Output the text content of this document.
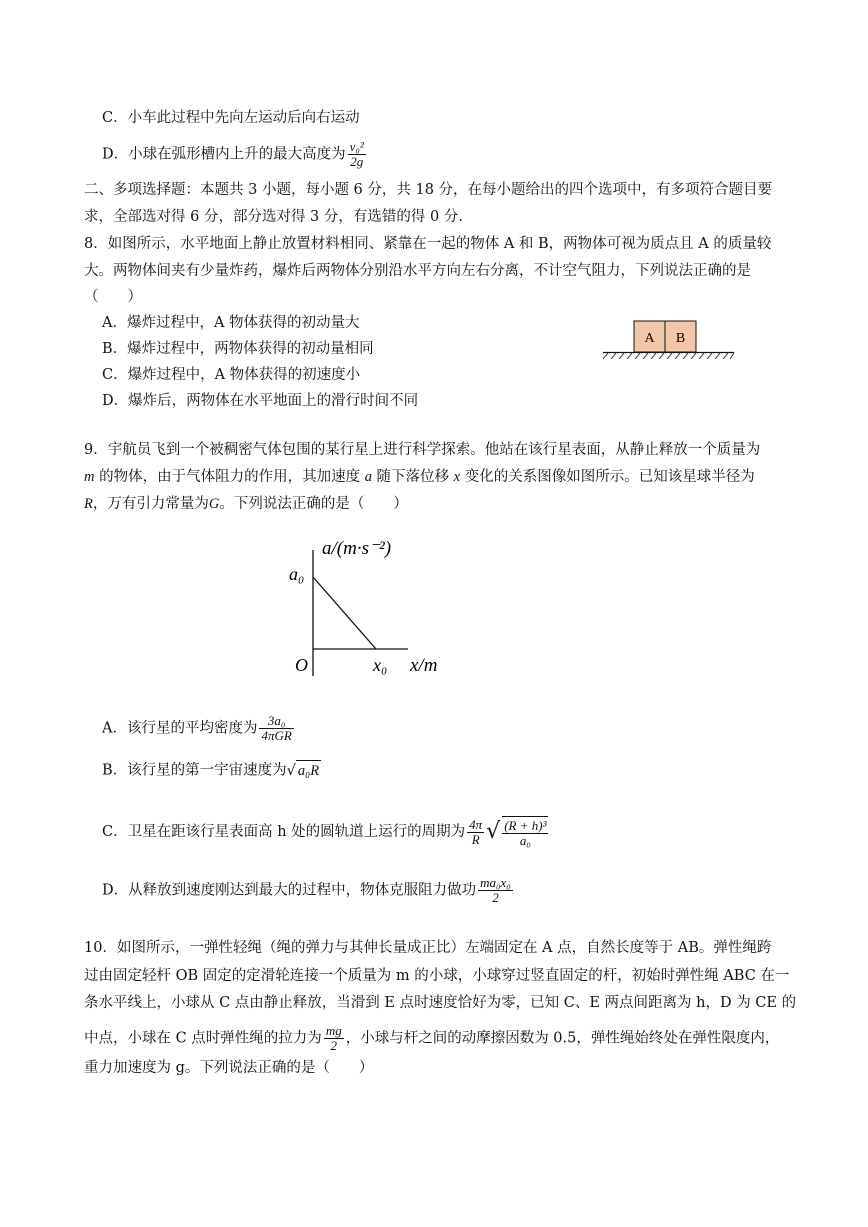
C．小车此过程中先向左运动后向右运动
D．小球在弧形槽内上升的最大高度为 $\frac{\text{v₀²}}{2g}$
二、多项选择题：本题共 3 小题，每小题 6 分，共 18 分，在每小题给出的四个选项中，有多项符合题目要
求，全部选对得 6 分，部分选对得 3 分，有选错的得 0 分.
8．如图所示，水平地面上静止放置材料相同、紧靠在一起的物体 A 和 B，两物体可视为质点且 A 的质量较
大。两物体间夹有少量炸药，爆炸后两物体分别沿水平方向左右分离，不计空气阻力，下列说法正确的是
（　　）
A．爆炸过程中，A 物体获得的初动量大
B．爆炸过程中，两物体获得的初动量相同
C．爆炸过程中，A 物体获得的初速度小
D．爆炸后，两物体在水平地面上的滑行时间不同
A B
9．宇航员飞到一个被稠密气体包围的某行星上进行科学探索。他站在该行星表面，从静止释放一个质量为
m 的物体，由于气体阻力的作用，其加速度 a 随下落位移 x 变化的关系图像如图所示。已知该星球半径为
R，万有引力常量为G。下列说法正确的是（　　）
a/(m·s⁻²)
a₀
O	x₀ x/m
A．该行星的平均密度为 $\frac{\text{3a₀}}{\text{4πGR}}$
B．该行星的第一宇宙速度为√ a₀R
C．卫星在距该行星表面高 h 处的圆轨道上运行的周期为 $\frac{4\pi}{R}$ √ $\frac{\text{(R + h)³}}{\text{a₀}}$
D．从释放到速度刚达到最大的过程中，物体克服阻力做功 $\frac{\text{ma₀x₀}}{2}$
10．如图所示，一弹性轻绳（绳的弹力与其伸长量成正比）左端固定在 A 点，自然长度等于 AB。弹性绳跨
过由固定轻杆 OB 固定的定滑轮连接一个质量为 m 的小球，小球穿过竖直固定的杆，初始时弹性绳 ABC 在一
条水平线上，小球从 C 点由静止释放，当滑到 E 点时速度恰好为零，已知 C、E 两点间距离为 h，D 为 CE 的
中点，小球在 C 点时弹性绳的拉力为 $\frac{mg}{2}$ ，小球与杆之间的动摩擦因数为 0.5，弹性绳始终处在弹性限度内，
重力加速度为 g。下列说法正确的是（　　）
